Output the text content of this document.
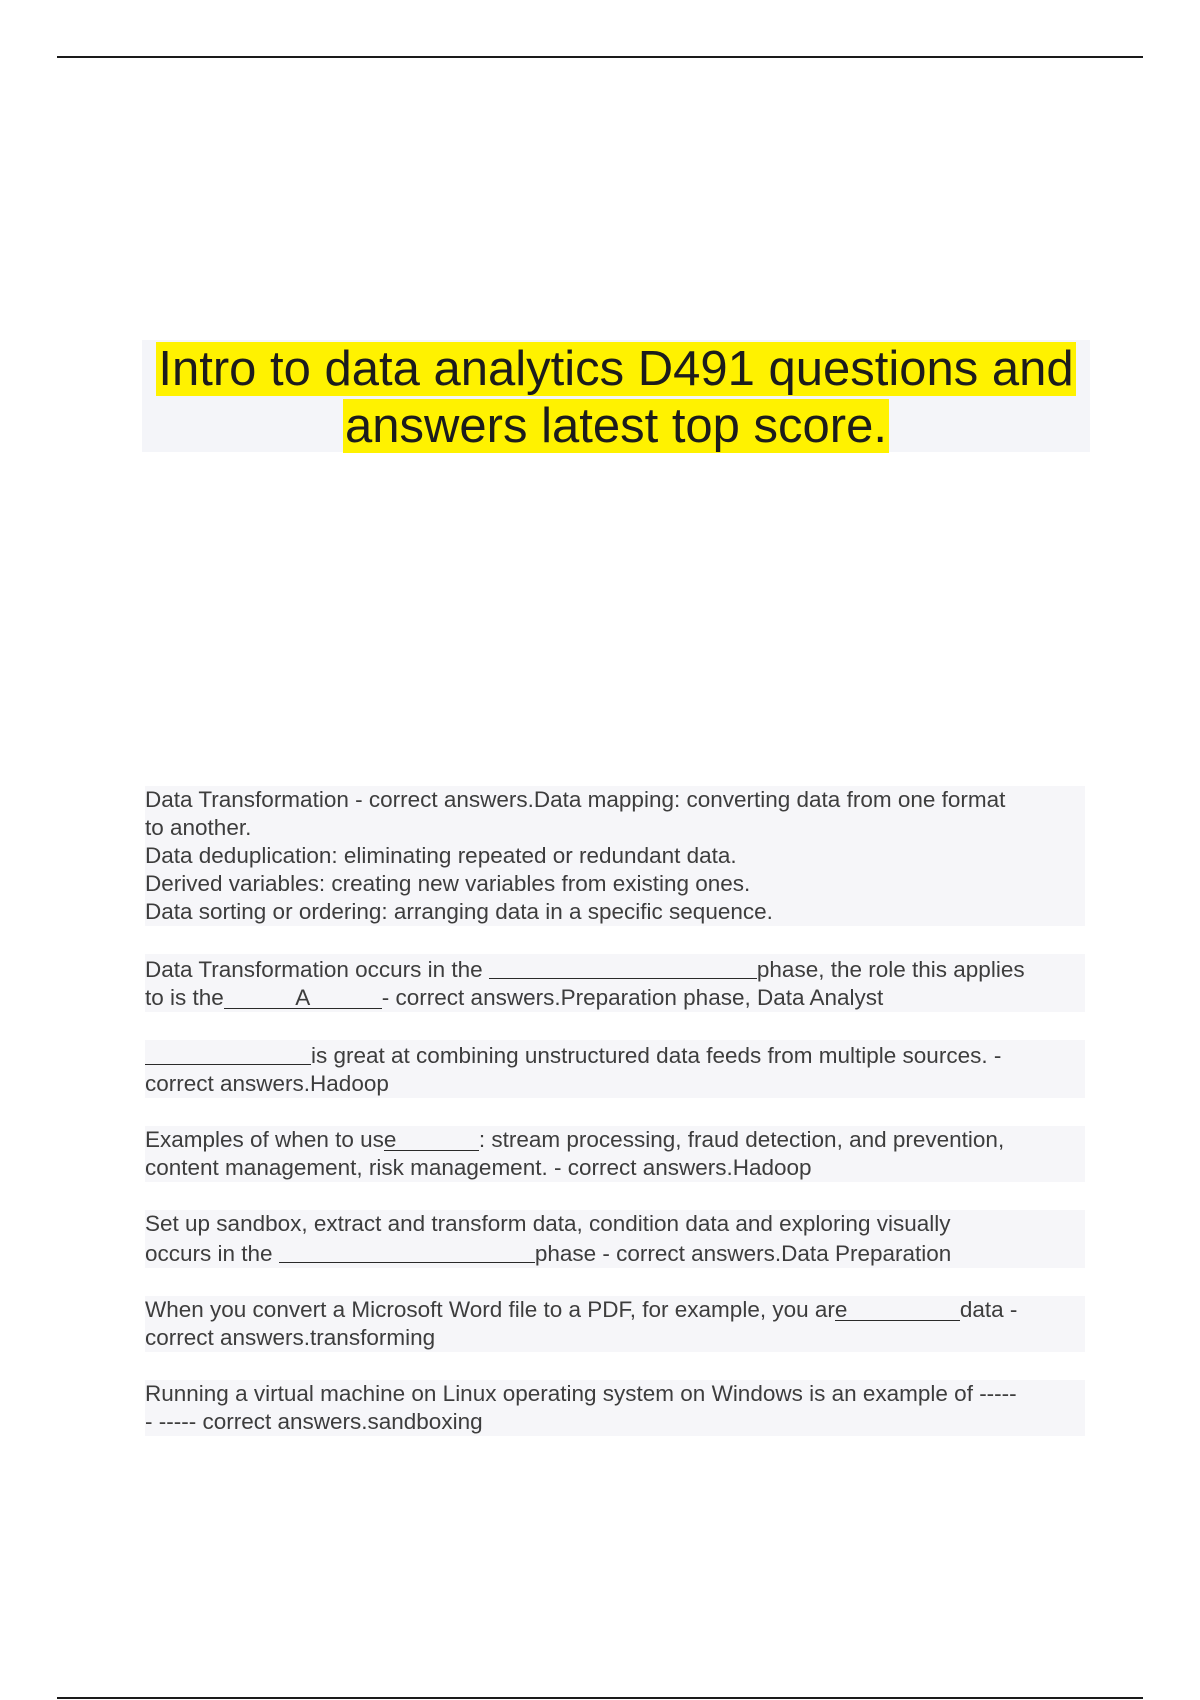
Intro to data analytics D491 questions and
answers latest top score.
Data Transformation - correct answers.Data mapping: converting data from one format
to another.
Data deduplication: eliminating repeated or redundant data.
Derived variables: creating new variables from existing ones.
Data sorting or ordering: arranging data in a specific sequence.
Data Transformation occurs in the	phase, the role this applies
to is the	A	- correct answers.Preparation phase, Data Analyst
is great at combining unstructured data feeds from multiple sources. -
correct answers.Hadoop
Examples of when to use	: stream processing, fraud detection, and prevention,
content management, risk management. - correct answers.Hadoop
Set up sandbox, extract and transform data, condition data and exploring visually
occurs in the	phase - correct answers.Data Preparation
When you convert a Microsoft Word file to a PDF, for example, you are	data -
correct answers.transforming
Running a virtual machine on Linux operating system on Windows is an example of -----
- ----- correct answers.sandboxing
